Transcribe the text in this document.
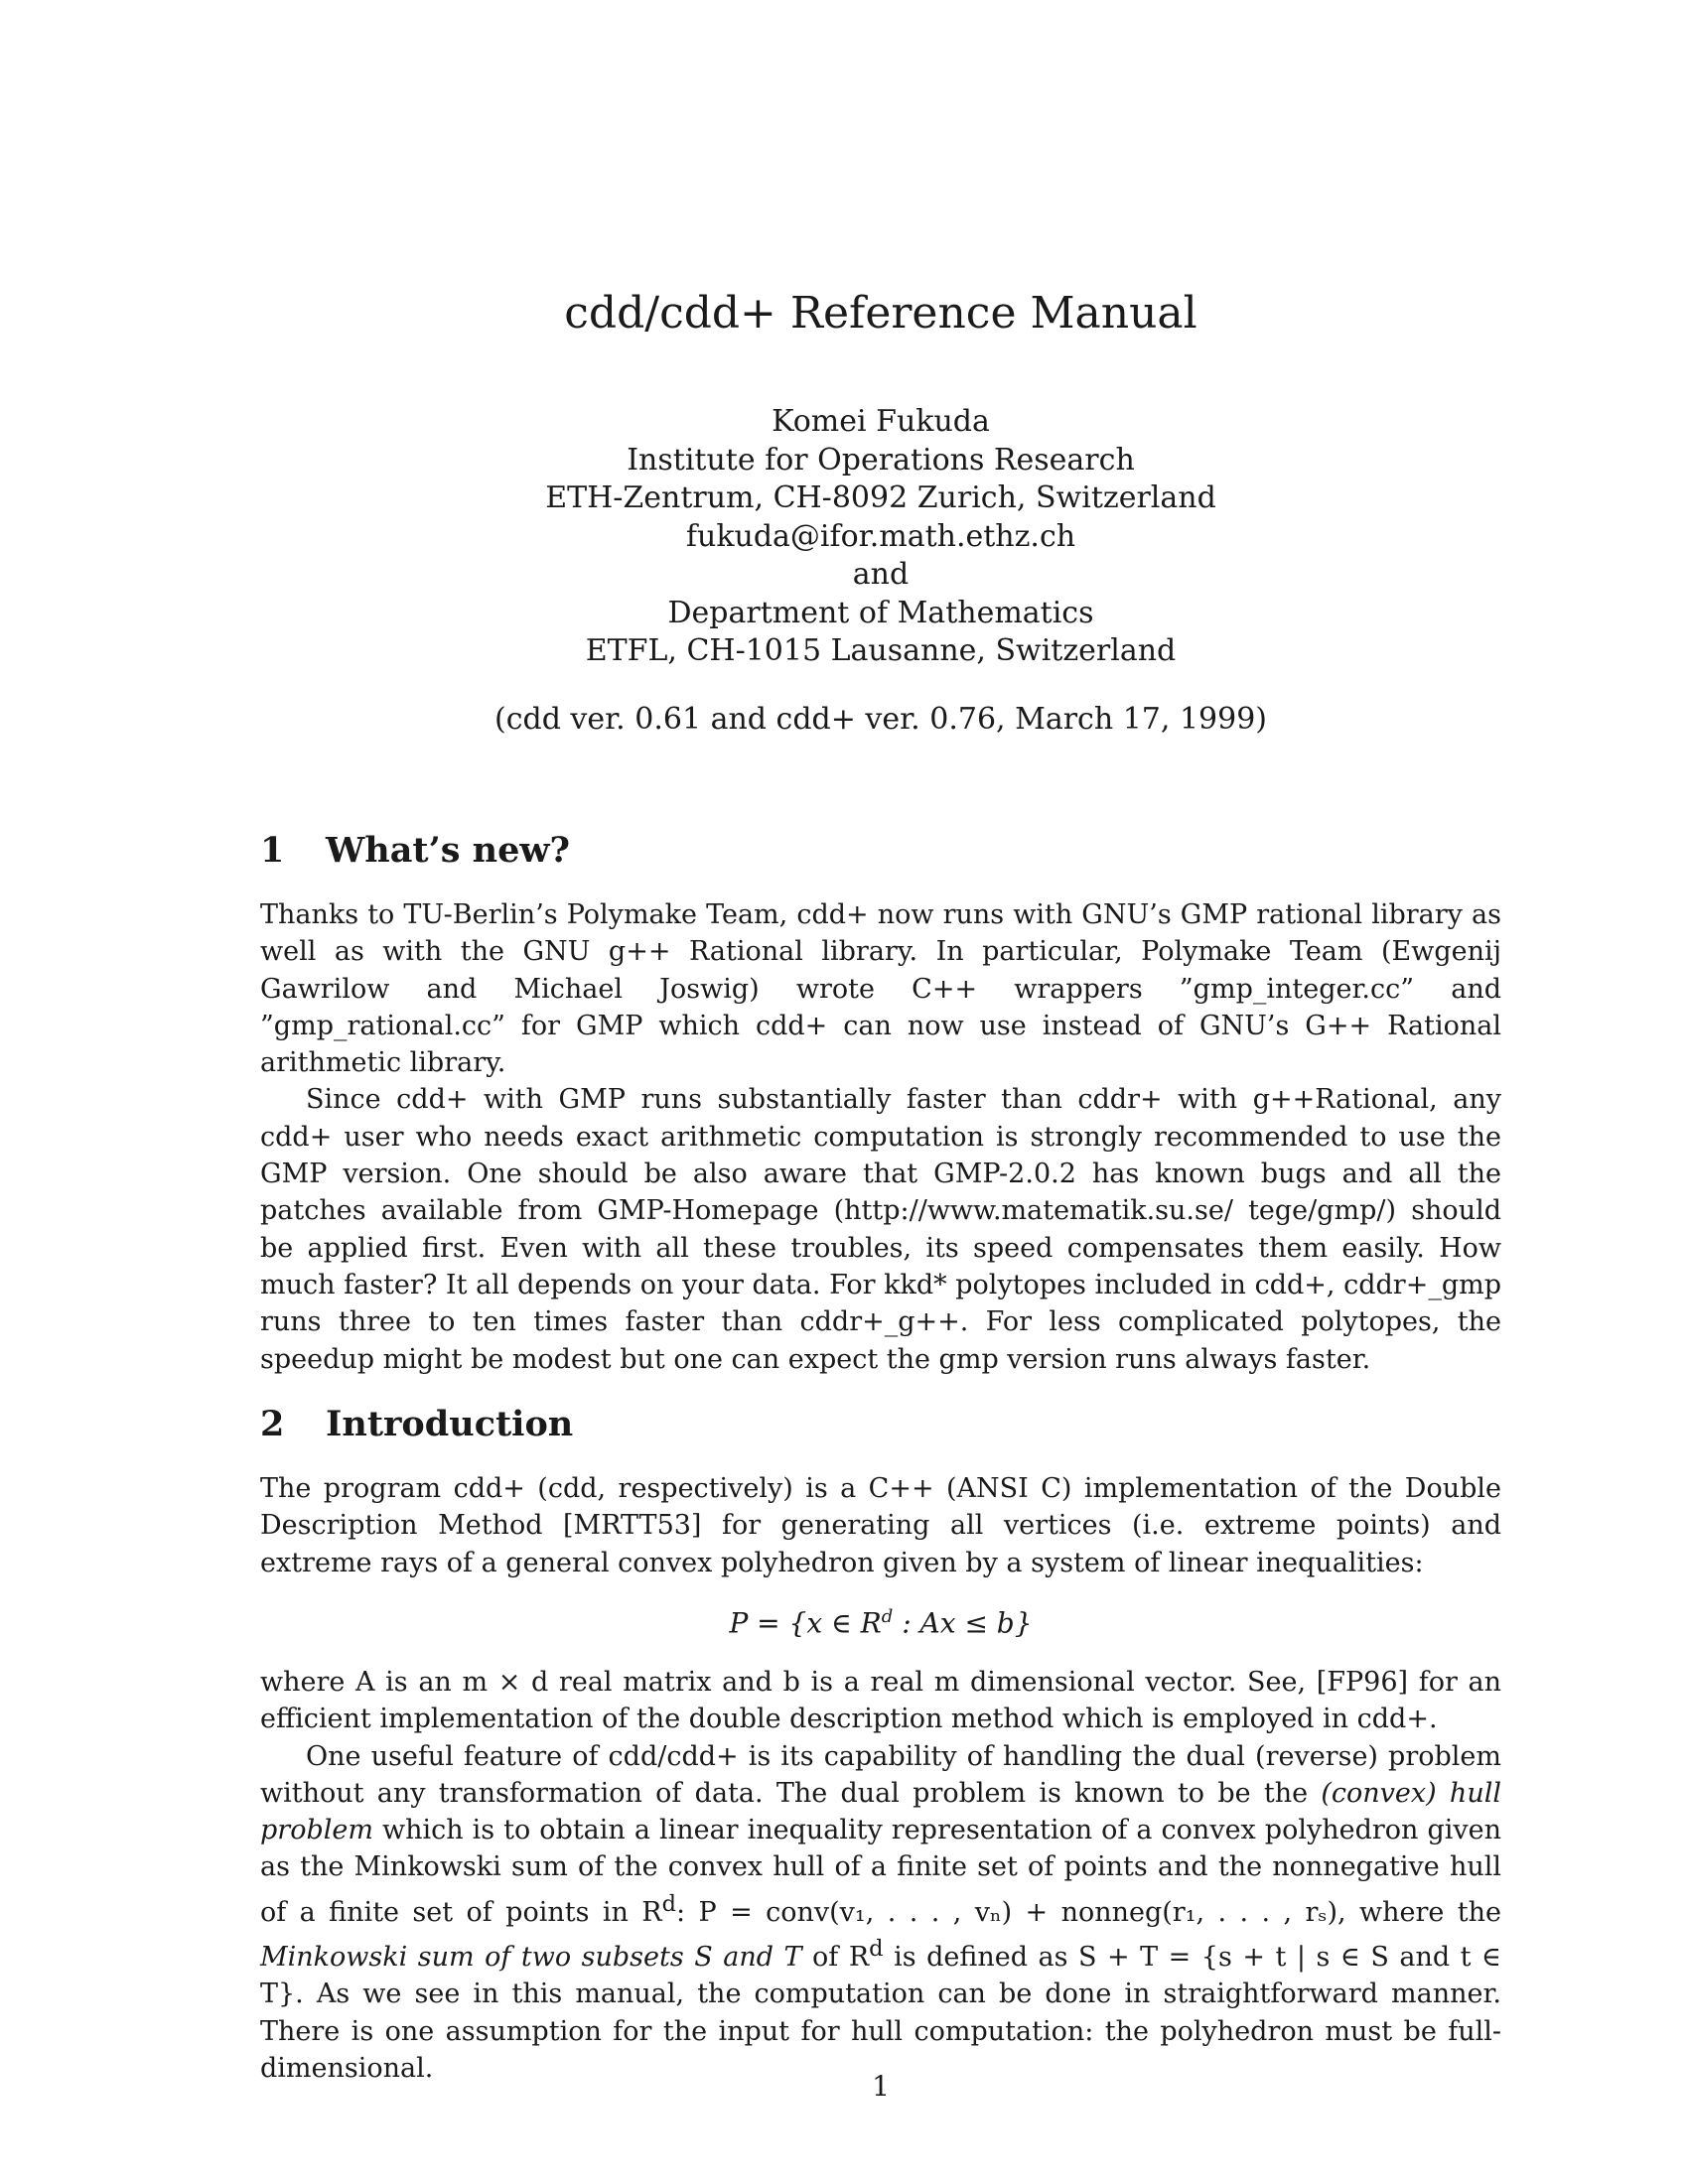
cdd/cdd+ Reference Manual
Komei Fukuda
Institute for Operations Research
ETH-Zentrum, CH-8092 Zurich, Switzerland
fukuda@ifor.math.ethz.ch
and
Department of Mathematics
ETFL, CH-1015 Lausanne, Switzerland
(cdd ver. 0.61 and cdd+ ver. 0.76, March 17, 1999)
1 What’s new?

Thanks to TU-Berlin’s Polymake Team, cdd+ now runs with GNU’s GMP rational library as well as with the GNU g++ Rational library. In particular, Polymake Team (Ewgenij Gawrilow and Michael Joswig) wrote C++ wrappers ”gmp_integer.cc” and ”gmp_rational.cc” for GMP which cdd+ can now use instead of GNU’s G++ Rational arithmetic library.

Since cdd+ with GMP runs substantially faster than cddr+ with g++Rational, any cdd+ user who needs exact arithmetic computation is strongly recommended to use the GMP version. One should be also aware that GMP-2.0.2 has known bugs and all the patches available from GMP-Homepage (http://www.matematik.su.se/ tege/gmp/) should be applied first. Even with all these troubles, its speed compensates them easily. How much faster? It all depends on your data. For kkd* polytopes included in cdd+, cddr+_gmp runs three to ten times faster than cddr+_g++. For less complicated polytopes, the speedup might be modest but one can expect the gmp version runs always faster.

2 Introduction

The program cdd+ (cdd, respectively) is a C++ (ANSI C) implementation of the Double Description Method [MRTT53] for generating all vertices (i.e. extreme points) and extreme rays of a general convex polyhedron given by a system of linear inequalities:

P = {x ∈ $R^d$ : Ax ≤ b}

where A is an m × d real matrix and b is a real m dimensional vector. See, [FP96] for an efficient implementation of the double description method which is employed in cdd+.

One useful feature of cdd/cdd+ is its capability of handling the dual (reverse) problem without any transformation of data. The dual problem is known to be the (convex) hull problem which is to obtain a linear inequality representation of a convex polyhedron given as the Minkowski sum of the convex hull of a finite set of points and the nonnegative hull of a finite set of points in $R^d$: P = conv(v₁, . . . , vₙ) + nonneg(r₁, . . . , rₛ), where the Minkowski sum of two subsets S and T of $R^d$ is defined as S + T = {s + t | s ∈ S and t ∈ T}. As we see in this manual, the computation can be done in straightforward manner. There is one assumption for the input for hull computation: the polyhedron must be full-dimensional.

1
